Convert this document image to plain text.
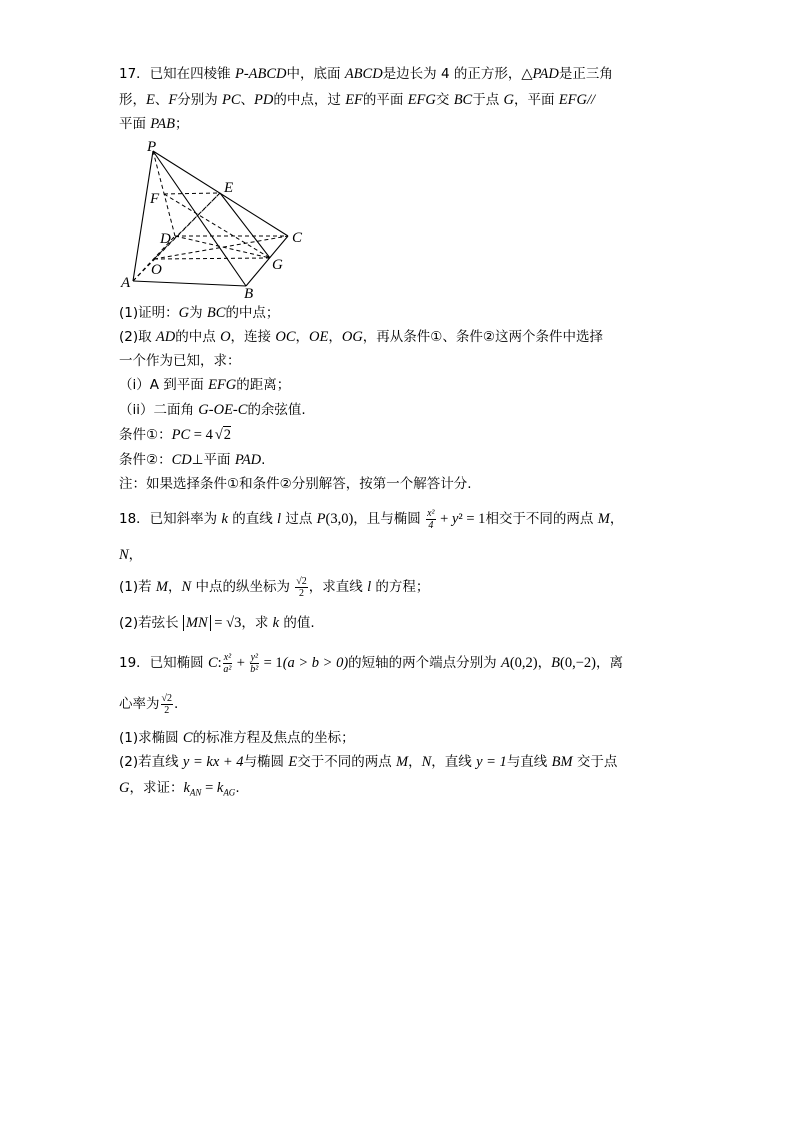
17．已知在四棱锥 P-ABCD中，底面 ABCD是边长为 4 的正方形，△PAD是正三角
形，E、F分别为 PC、PD的中点，过 EF的平面 EFG交 BC于点 G，平面 EFG//
平面 PAB；
P
E
F
D	C
O	G
A
B
(1)证明：G为 BC的中点；
(2)取 AD的中点 O，连接 OC，OE，OG，再从条件①、条件②这两个条件中选择
一个作为已知，求：
（i）A 到平面 EFG的距离；
（ii）二面角 G-OE-C的余弦值.
条件①：PC = 4 √2
条件②：CD⊥平面 PAD.
注：如果选择条件①和条件②分别解答，按第一个解答计分.
18．已知斜率为 k 的直线 l 过点 P(3,0)，且与椭圆 $\frac{\text{x²}}{4} + y^2 = 1$相交于不同的两点 M，
N，
(1)若 M，N 中点的纵坐标为 $\frac{√2}{2}$ ，求直线 l 的方程；
(2)若弦长 MN = √3，求 k 的值.
19．已知椭圆 C: $\frac{\text{x²}}{\text{a²}} + \frac{\text{y²}}{\text{b²}} = 1(a > b > 0)$的短轴的两个端点分别为 A(0,2)，B(0,−2)，离
心率为 $\frac{√2}{2}$ .
(1)求椭圆 C的标准方程及焦点的坐标；
(2)若直线 y = kx + 4与椭圆 E交于不同的两点 M，N，直线 y = 1与直线 BM 交于点
G，求证：$k_{AN} = k_{AG}$.
